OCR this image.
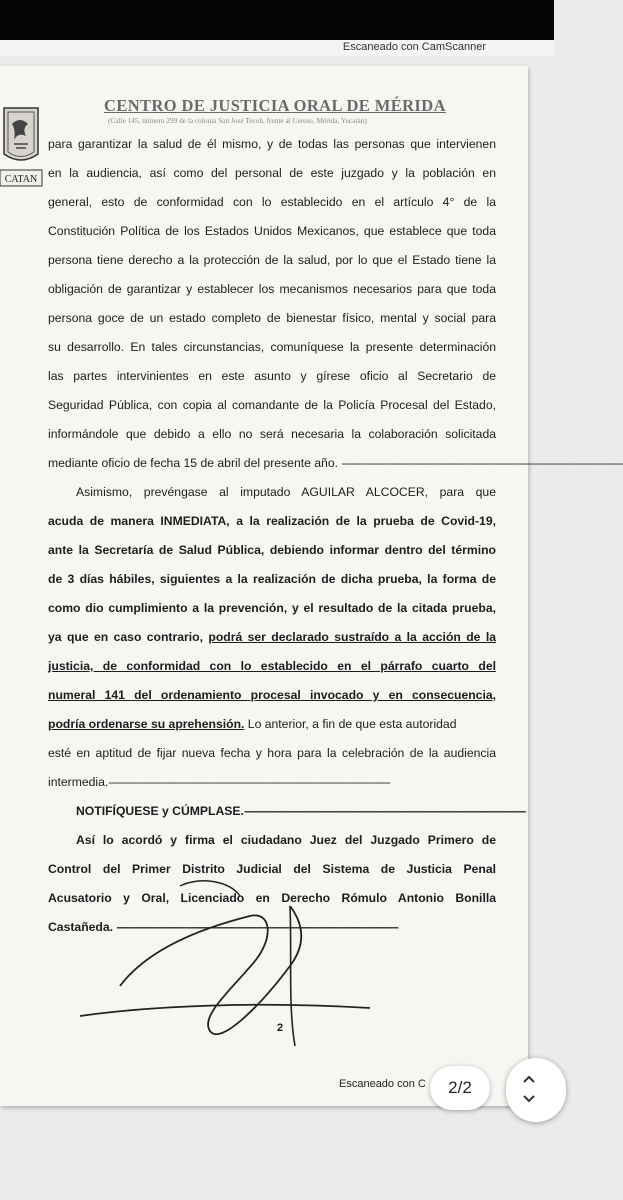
Escaneado con CamScanner
CATAN
CENTRO DE JUSTICIA ORAL DE MÉRIDA
(Calle 145, número 299 de la colonia San José Tecoh, frente al Cereso, Mérida, Yucatán)
para garantizar la salud de él mismo, y de todas las personas que intervienen
en la audiencia, así como del personal de este juzgado y la población en
general, esto de conformidad con lo establecido en el artículo 4° de la
Constitución Política de los Estados Unidos Mexicanos, que establece que toda
persona tiene derecho a la protección de la salud, por lo que el Estado tiene la
obligación de garantizar y establecer los mecanismos necesarios para que toda
persona goce de un estado completo de bienestar físico, mental y social para
su desarrollo. En tales circunstancias, comuníquese la presente determinación
las partes intervinientes en este asunto y gírese oficio al Secretario de
Seguridad Pública, con copia al comandante de la Policía Procesal del Estado,
informándole que debido a ello no será necesaria la colaboración solicitada
mediante oficio de fecha 15 de abril del presente año. --------------------------------------------------------------------------------------------
Asimismo, prevéngase al imputado AGUILAR ALCOCER, para que
acuda de manera INMEDIATA, a la realización de la prueba de Covid-19,
ante la Secretaría de Salud Pública, debiendo informar dentro del término
de 3 días hábiles, siguientes a la realización de dicha prueba, la forma de
como dio cumplimiento a la prevención, y el resultado de la citada prueba,
ya que en caso contrario, podrá ser declarado sustraído a la acción de la
justicia, de conformidad con lo establecido en el párrafo cuarto del
numeral 141 del ordenamiento procesal invocado y en consecuencia,
podría ordenarse su aprehensión. Lo anterior, a fin de que esta autoridad
esté en aptitud de fijar nueva fecha y hora para la celebración de la audiencia
intermedia.--------------------------------------------------------------------------------------------
NOTIFÍQUESE y CÚMPLASE.--------------------------------------------------------------------------------------------
Así lo acordó y firma el ciudadano Juez del Juzgado Primero de
Control del Primer Distrito Judicial del Sistema de Justicia Penal
Acusatorio y Oral, Licenciado en Derecho Rómulo Antonio Bonilla
Castañeda. --------------------------------------------------------------------------------------------
2
Escaneado con C	2/2
